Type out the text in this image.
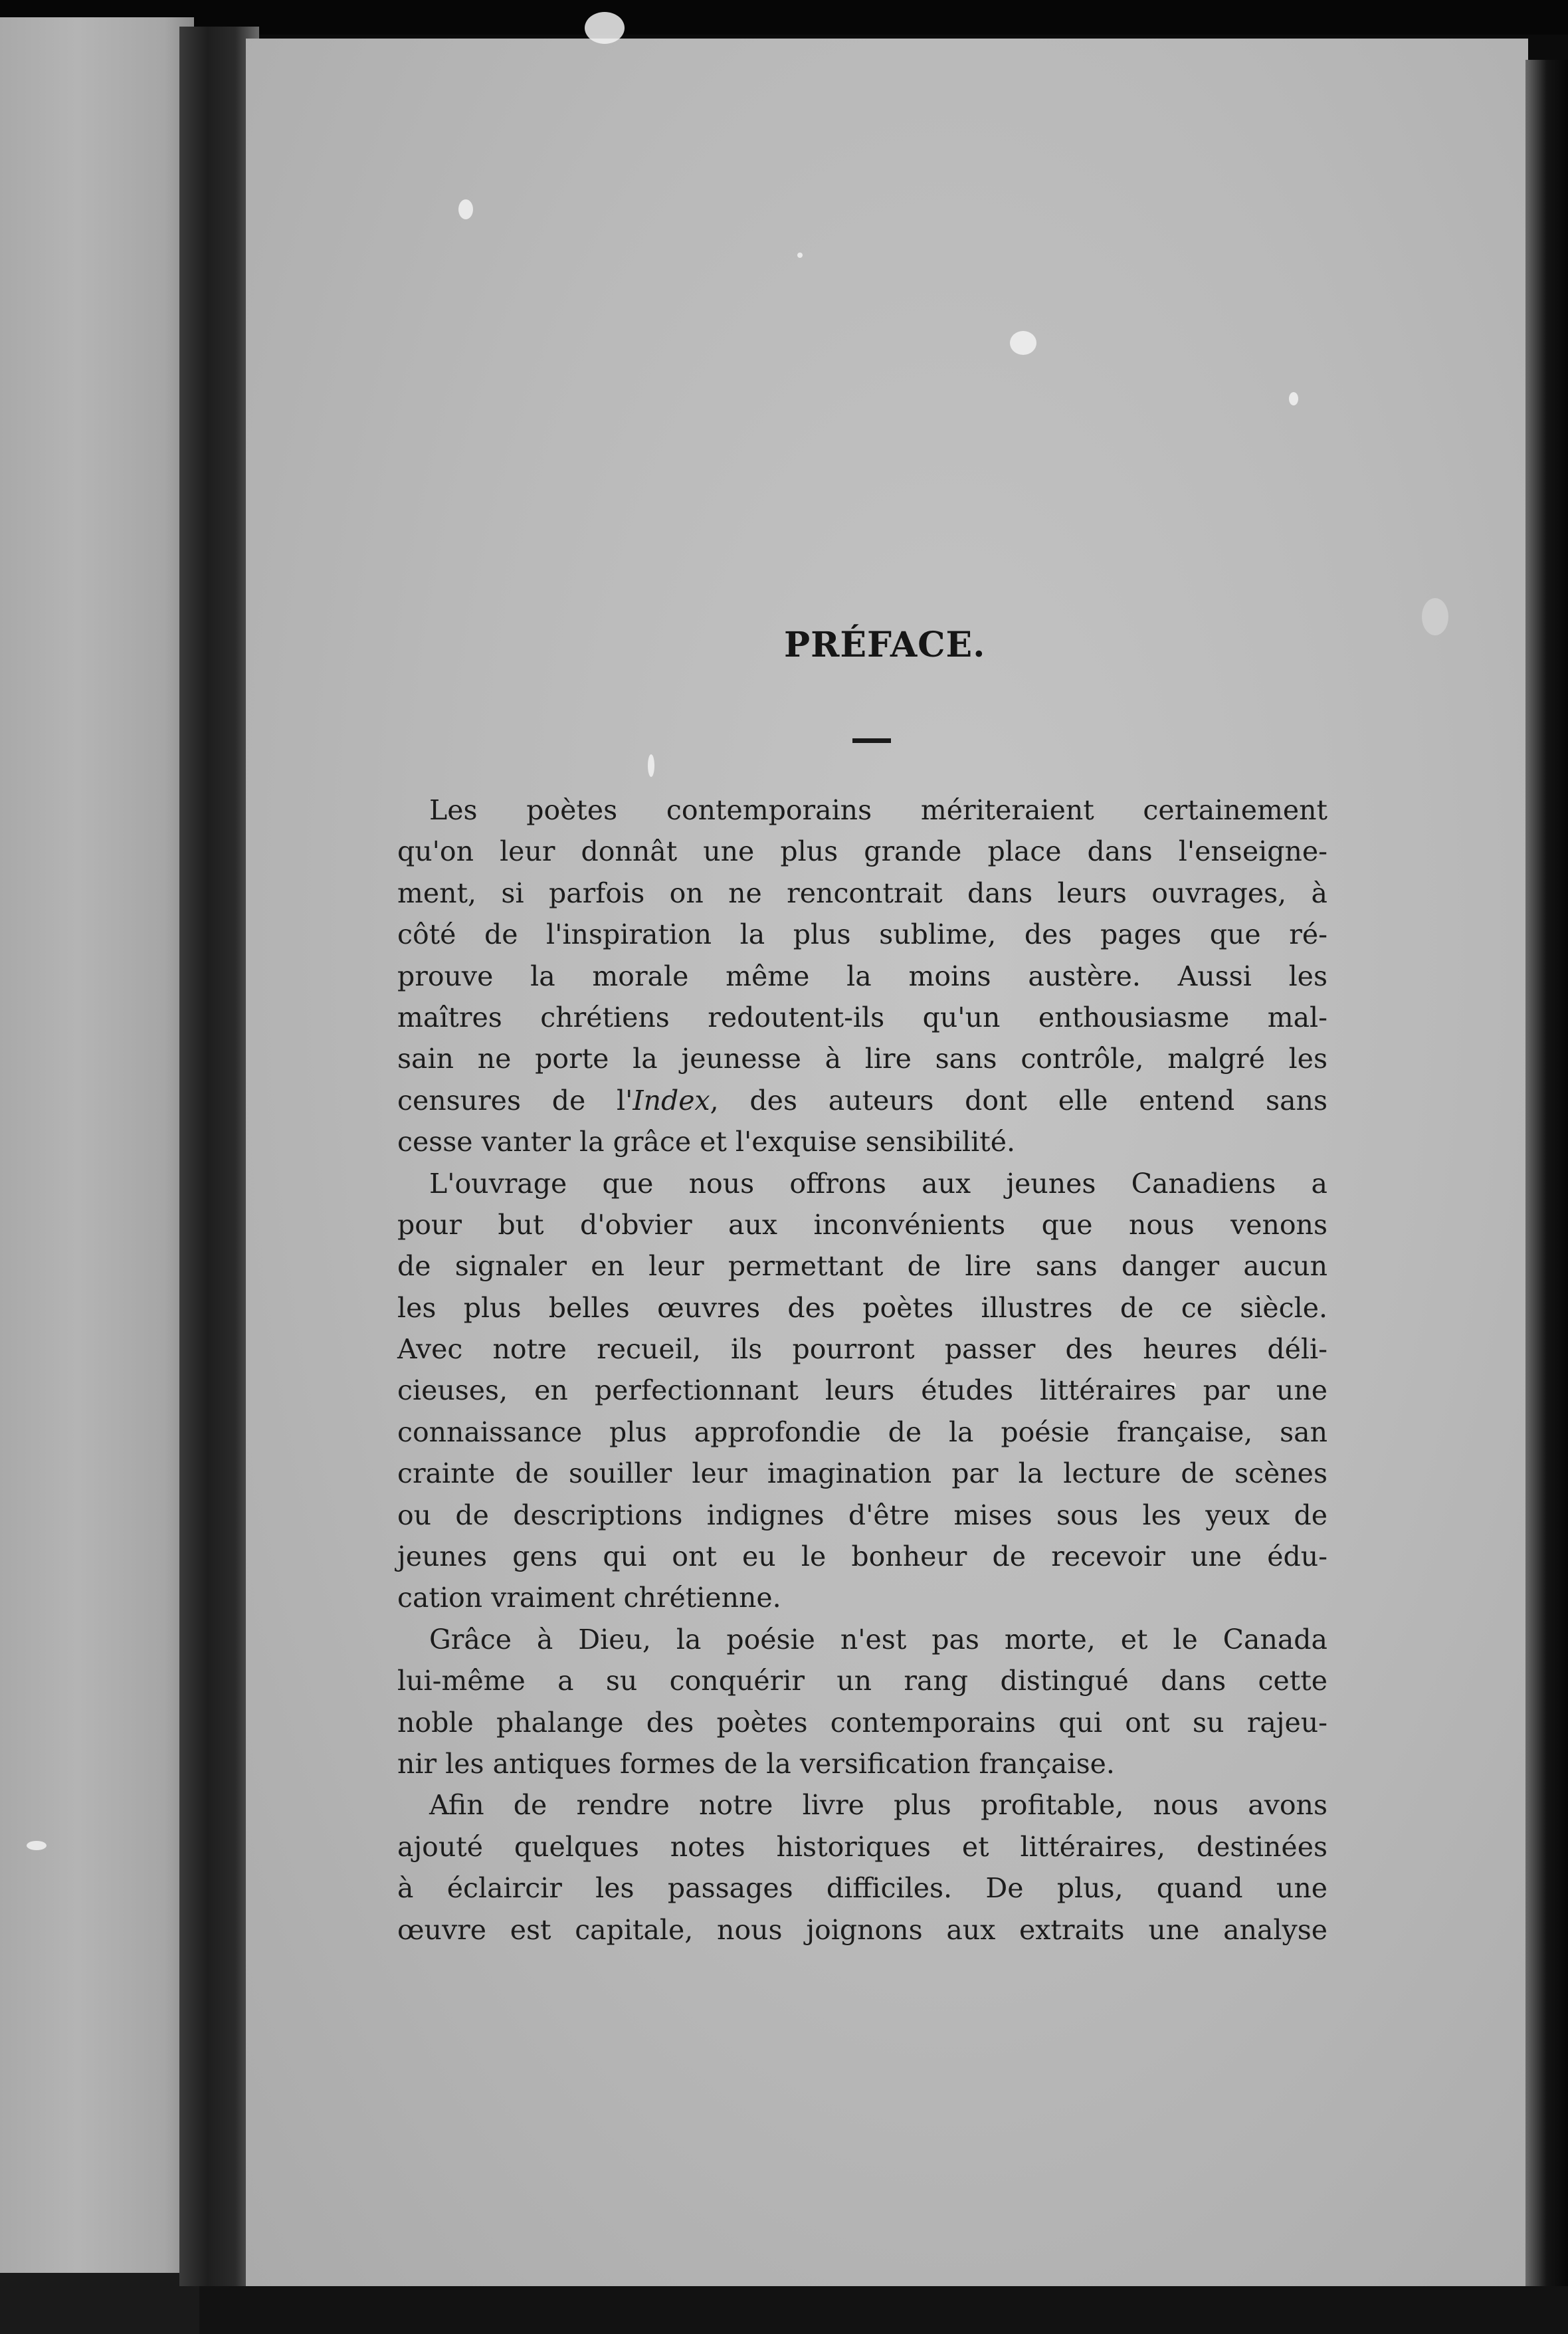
PRÉFACE.
Les poètes contemporains mériteraient certainement
qu'on leur donnât une plus grande place dans l'enseigne-
ment, si parfois on ne rencontrait dans leurs ouvrages, à
côté de l'inspiration la plus sublime, des pages que ré-
prouve la morale même la moins austère. Aussi les
maîtres chrétiens redoutent-ils qu'un enthousiasme mal-
sain ne porte la jeunesse à lire sans contrôle, malgré les
censures de l'Index, des auteurs dont elle entend sans
cesse vanter la grâce et l'exquise sensibilité.
L'ouvrage que nous offrons aux jeunes Canadiens a
pour but d'obvier aux inconvénients que nous venons
de signaler en leur permettant de lire sans danger aucun
les plus belles œuvres des poètes illustres de ce siècle.
Avec notre recueil, ils pourront passer des heures déli-
cieuses, en perfectionnant leurs études littéraires par une
connaissance plus approfondie de la poésie française, san
crainte de souiller leur imagination par la lecture de scènes
ou de descriptions indignes d'être mises sous les yeux de
jeunes gens qui ont eu le bonheur de recevoir une édu-
cation vraiment chrétienne.
Grâce à Dieu, la poésie n'est pas morte, et le Canada
lui-même a su conquérir un rang distingué dans cette
noble phalange des poètes contemporains qui ont su rajeu-
nir les antiques formes de la versification française.
Afin de rendre notre livre plus profitable, nous avons
ajouté quelques notes historiques et littéraires, destinées
à éclaircir les passages difficiles. De plus, quand une
œuvre est capitale, nous joignons aux extraits une analyse
